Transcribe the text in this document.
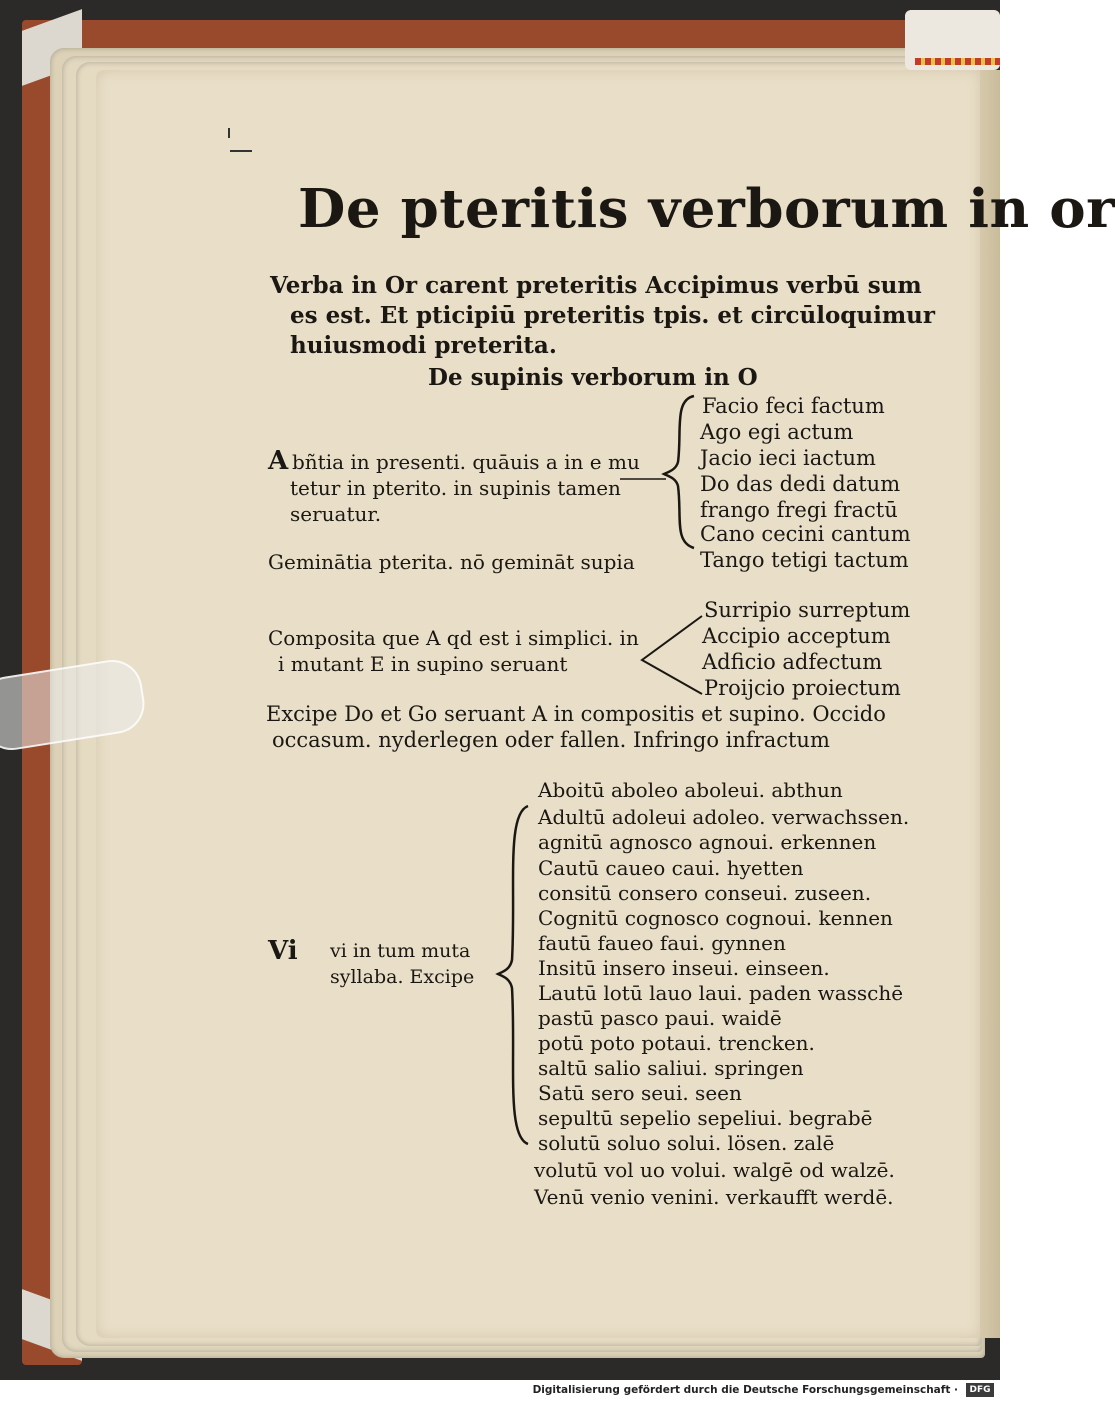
De pteritis verborum in or
Verba in Or carent preteritis Accipimus verbū sum
es est. Et pticipiū preteritis tpis. et circūloquimur
huiusmodi preterita.
De supinis verborum in O
A bñtia in presenti. quāuis a in e mu
tetur in pterito. in supinis tamen
seruatur.
Facio feci factum
Ago egi actum
Jacio ieci iactum
Do das dedi datum
frango fregi fractū
Cano cecini cantum
Tango tetigi tactum
Geminātia pterita. nō gemināt supia
Composita que A qd est i simplici. in
i mutant E in supino seruant
Surripio surreptum
Accipio acceptum
Adficio adfectum
Proijcio proiectum
Excipe Do et Go seruant A in compositis et supino. Occido
occasum. nyderlegen oder fallen. Infringo infractum
Vi vi in tum muta
syllaba. Excipe
Aboitū aboleo aboleui. abthun
Adultū adoleui adoleo. verwachssen.
agnitū agnosco agnoui. erkennen
Cautū caueo caui. hyetten
consitū consero conseui. zuseen.
Cognitū cognosco cognoui. kennen
fautū faueo faui. gynnen
Insitū insero inseui. einseen.
Lautū lotū lauo laui. paden wasschē
pastū pasco paui. waidē
potū poto potaui. trencken.
saltū salio saliui. springen
Satū sero seui. seen
sepultū sepelio sepeliui. begrabē
solutū soluo solui. lösen. zalē
volutū vol uo volui. walgē od walzē.
Venū venio venini. verkaufft werdē.
Digitalisierung gefördert durch die Deutsche Forschungsgemeinschaft ·	DFG
